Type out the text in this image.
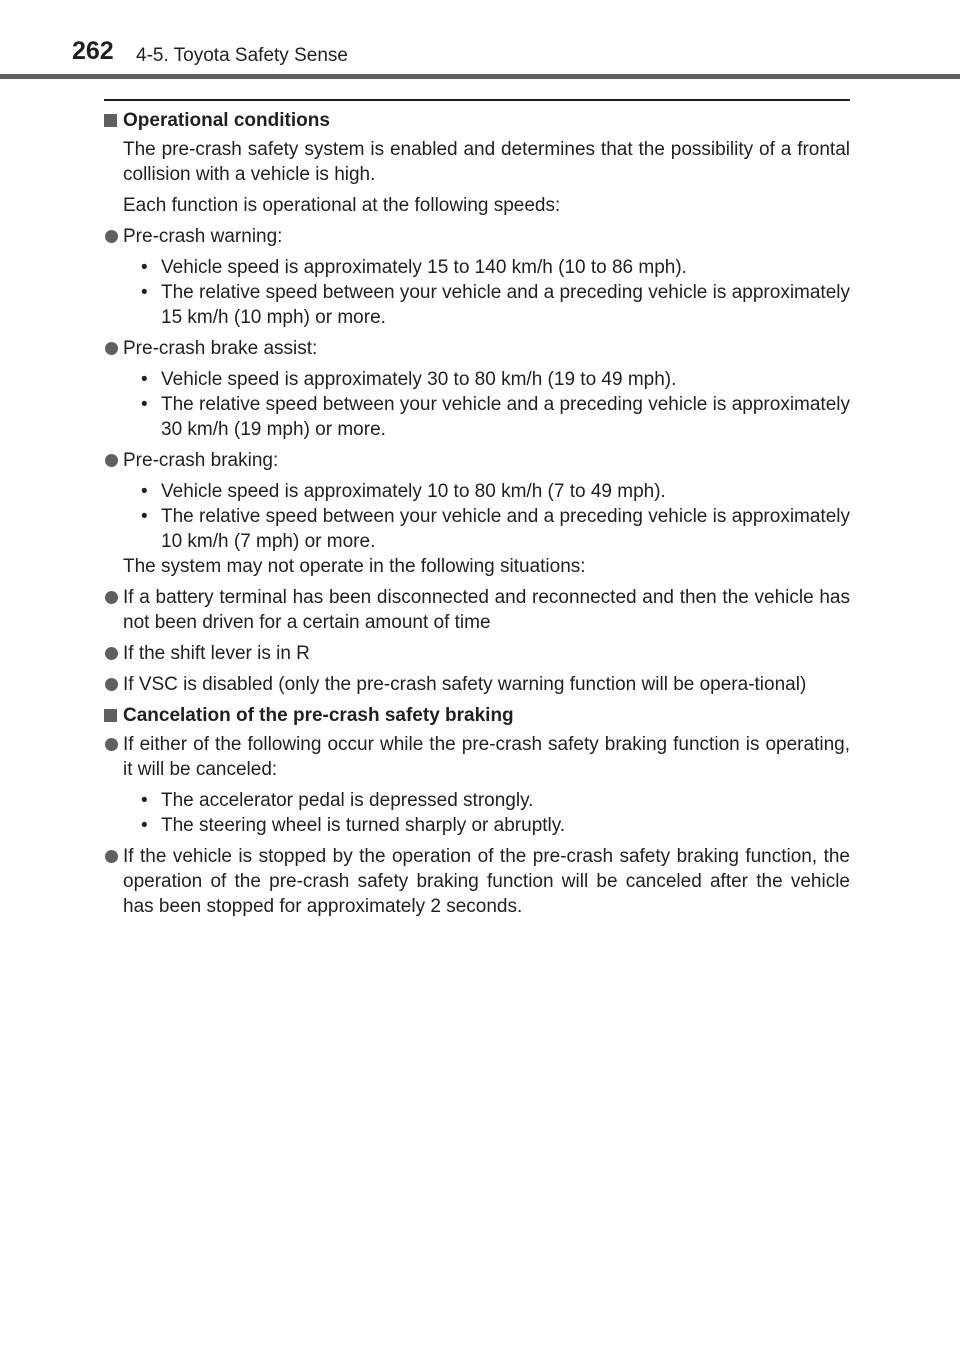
262 4-5. Toyota Safety Sense
Operational conditions
The pre-crash safety system is enabled and determines that the possibility of a frontal collision with a vehicle is high.
Each function is operational at the following speeds:
Pre-crash warning:
• Vehicle speed is approximately 15 to 140 km/h (10 to 86 mph).
• The relative speed between your vehicle and a preceding vehicle is approximately 15 km/h (10 mph) or more.
Pre-crash brake assist:
• Vehicle speed is approximately 30 to 80 km/h (19 to 49 mph).
• The relative speed between your vehicle and a preceding vehicle is approximately 30 km/h (19 mph) or more.
Pre-crash braking:
• Vehicle speed is approximately 10 to 80 km/h (7 to 49 mph).
• The relative speed between your vehicle and a preceding vehicle is approximately 10 km/h (7 mph) or more.
The system may not operate in the following situations:
If a battery terminal has been disconnected and reconnected and then the vehicle has not been driven for a certain amount of time
If the shift lever is in R
If VSC is disabled (only the pre-crash safety warning function will be opera-tional)
Cancelation of the pre-crash safety braking
If either of the following occur while the pre-crash safety braking function is operating, it will be canceled:
• The accelerator pedal is depressed strongly.
• The steering wheel is turned sharply or abruptly.
If the vehicle is stopped by the operation of the pre-crash safety braking function, the operation of the pre-crash safety braking function will be canceled after the vehicle has been stopped for approximately 2 seconds.
